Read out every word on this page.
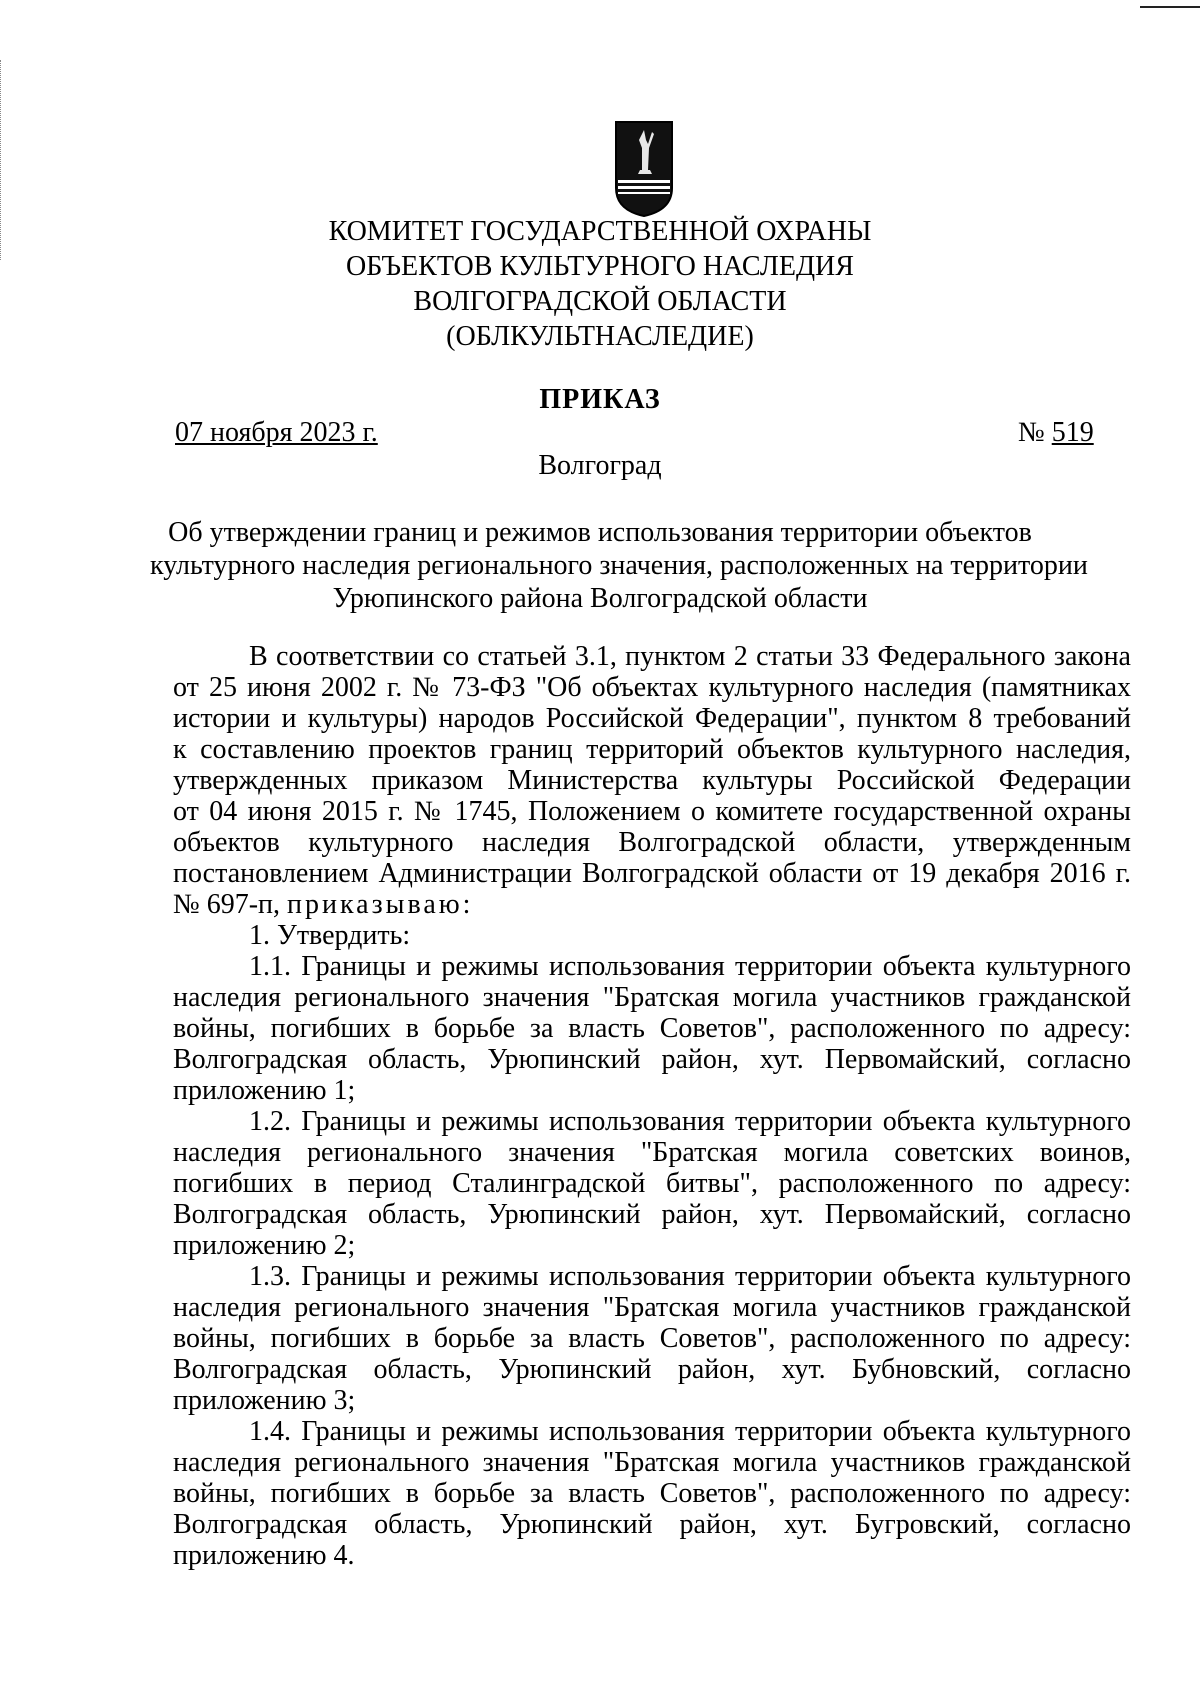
КОМИТЕТ ГОСУДАРСТВЕННОЙ ОХРАНЫ
ОБЪЕКТОВ КУЛЬТУРНОГО НАСЛЕДИЯ
ВОЛГОГРАДСКОЙ ОБЛАСТИ
(ОБЛКУЛЬТНАСЛЕДИЕ)
ПРИКАЗ
07 ноября 2023 г.	№ 519
Волгоград
Об утверждении границ и режимов использования территории объектов
культурного наследия регионального значения, расположенных на территории
Урюпинского района Волгоградской области
В соответствии со статьей 3.1, пунктом 2 статьи 33 Федерального закона
от 25 июня 2002 г. № 73-ФЗ "Об объектах культурного наследия (памятниках
истории и культуры) народов Российской Федерации", пунктом 8 требований
к составлению проектов границ территорий объектов культурного наследия,
утвержденных приказом Министерства культуры Российской Федерации
от 04 июня 2015 г. № 1745, Положением о комитете государственной охраны
объектов культурного наследия Волгоградской области, утвержденным
постановлением Администрации Волгоградской области от 19 декабря 2016 г.
№ 697-п, приказываю:
1. Утвердить:
1.1. Границы и режимы использования территории объекта культурного
наследия регионального значения "Братская могила участников гражданской
войны, погибших в борьбе за власть Советов", расположенного по адресу:
Волгоградская область, Урюпинский район, хут. Первомайский, согласно
приложению 1;
1.2. Границы и режимы использования территории объекта культурного
наследия регионального значения "Братская могила советских воинов,
погибших в период Сталинградской битвы", расположенного по адресу:
Волгоградская область, Урюпинский район, хут. Первомайский, согласно
приложению 2;
1.3. Границы и режимы использования территории объекта культурного
наследия регионального значения "Братская могила участников гражданской
войны, погибших в борьбе за власть Советов", расположенного по адресу:
Волгоградская область, Урюпинский район, хут. Бубновский, согласно
приложению 3;
1.4. Границы и режимы использования территории объекта культурного
наследия регионального значения "Братская могила участников гражданской
войны, погибших в борьбе за власть Советов", расположенного по адресу:
Волгоградская область, Урюпинский район, хут. Бугровский, согласно
приложению 4.
